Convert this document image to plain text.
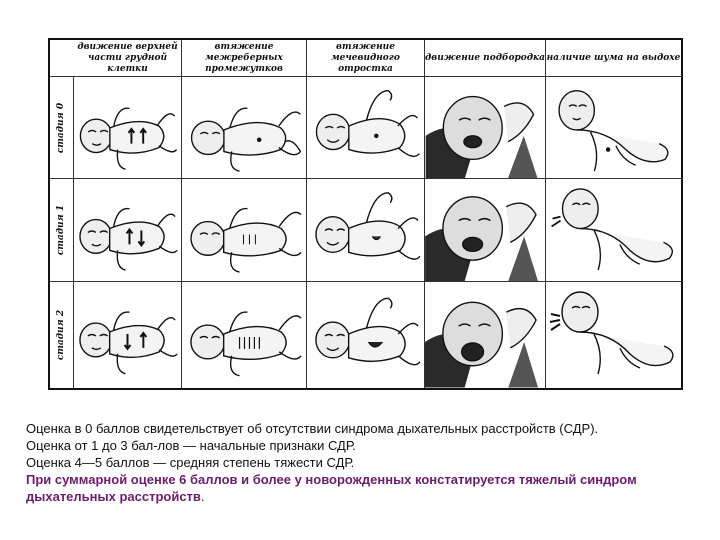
движение верхней части грудной клетки
втяжение межреберных промежутков
втяжение мечевидного отростка
движение подбородка наличие шума на выдохе
стадия 0
стадия 1
стадия 2

Оценка в 0 баллов свидетельствует об отсутствии синдрома дыхательных расстройств (СДР).

Оценка от 1 до 3 бал-лов — начальные признаки СДР.

Оценка 4—5 баллов — средняя степень тяжести СДР.

При суммарной оценке 6 баллов и более у новорожденных констатируется тяжелый синдром дыхательных расстройств.
